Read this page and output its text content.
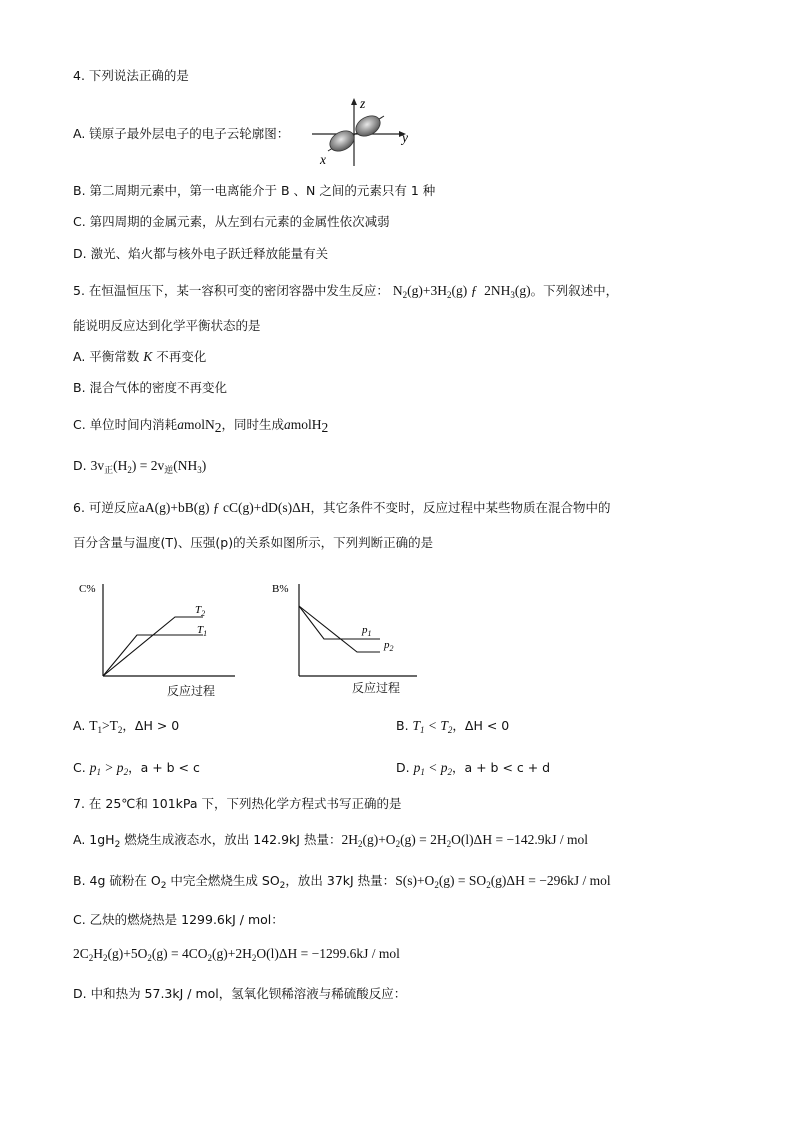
4. 下列说法正确的是
A. 镁原子最外层电子的电子云轮廓图：
z
y
x
B. 第二周期元素中，第一电离能介于 B 、N 之间的元素只有 1 种
C. 第四周期的金属元素，从左到右元素的金属性依次减弱
D. 激光、焰火都与核外电子跃迁释放能量有关
5. 在恒温恒压下，某一容积可变的密闭容器中发生反应： $N_2(g)+3H_2(g)$ ƒ $2NH_3(g)$。下列叙述中，
能说明反应达到化学平衡状态的是
A. 平衡常数 K 不再变化
B. 混合气体的密度不再变化
C. 单位时间内消耗amolN$_2$，同时生成amolH$_2$
D. $3v_正(H_2) = 2v_逆(NH_3)$
6. 可逆反应aA(g)+bB(g) ƒ cC(g)+dD(s)ΔH，其它条件不变时，反应过程中某些物质在混合物中的
百分含量与温度(T)、压强(p)的关系如图所示，下列判断正确的是
C%
$T_2$
$T_1$
反应过程
B%
$p_1$
$p_2$
反应过程
A. $T_1>T_2$，ΔH > 0	B. $T_1 < T_2$，ΔH < 0
C. $p_1 > p_2$，a + b < c	D. $p_1 < p_2$，a + b < c + d
7. 在 25℃和 101kPa 下，下列热化学方程式书写正确的是
A. $1gH_2$ 燃烧生成液态水，放出 142.9kJ 热量：$2H_2(g)+O_2(g) = 2H_2O(l)\Delta H = -142.9kJ$ / mol
B. 4g 硫粉在 $O_2$ 中完全燃烧生成 $SO_2$，放出 37kJ 热量：$S(s)+O_2(g) = SO_2(g)\Delta H = -296kJ$ / mol
C. 乙炔的燃烧热是 1299.6kJ / mol：
$2C_2H_2(g)+5O_2(g) = 4CO_2(g)+2H_2O(l)\Delta H = -1299.6kJ$ / mol
D. 中和热为 57.3kJ / mol，氢氧化钡稀溶液与稀硫酸反应：
